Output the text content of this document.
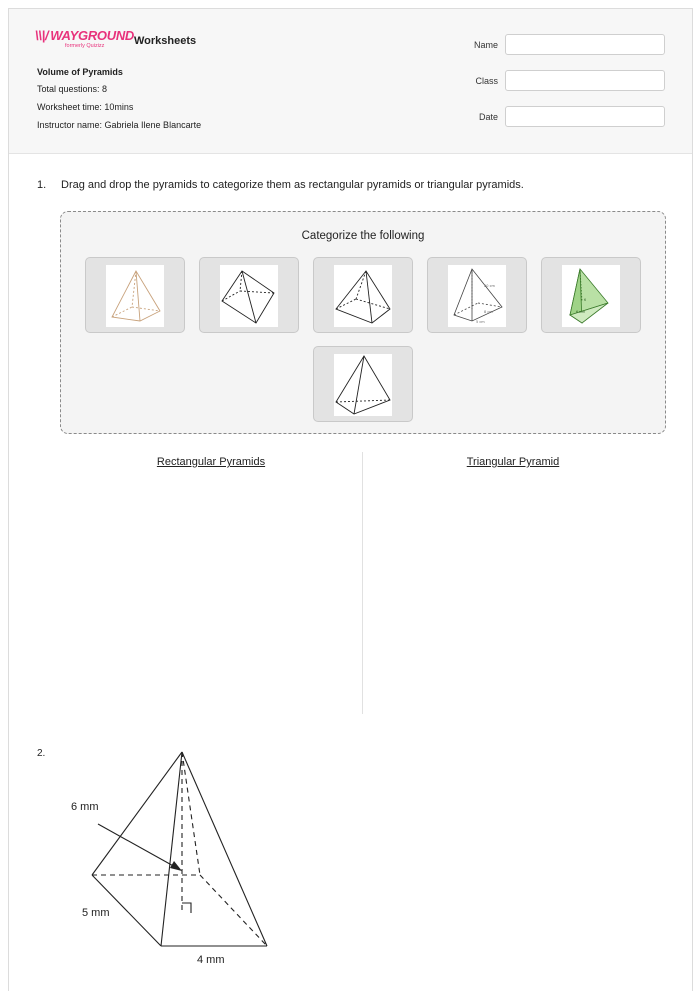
\\|/ WAYGROUND
formerly Quizizz	Worksheets
Volume of Pyramids
Total questions: 8
Worksheet time: 10mins
Instructor name: Gabriela Ilene Blancarte
Name
Class
Date
1. Drag and drop the pyramids to categorize them as rectangular pyramids or triangular pyramids.
Categorize the following
20 cm
8 cm
5 cm
6
6 mm
Rectangular Pyramids	Triangular Pyramid
2.
6 mm
5 mm
4 mm
